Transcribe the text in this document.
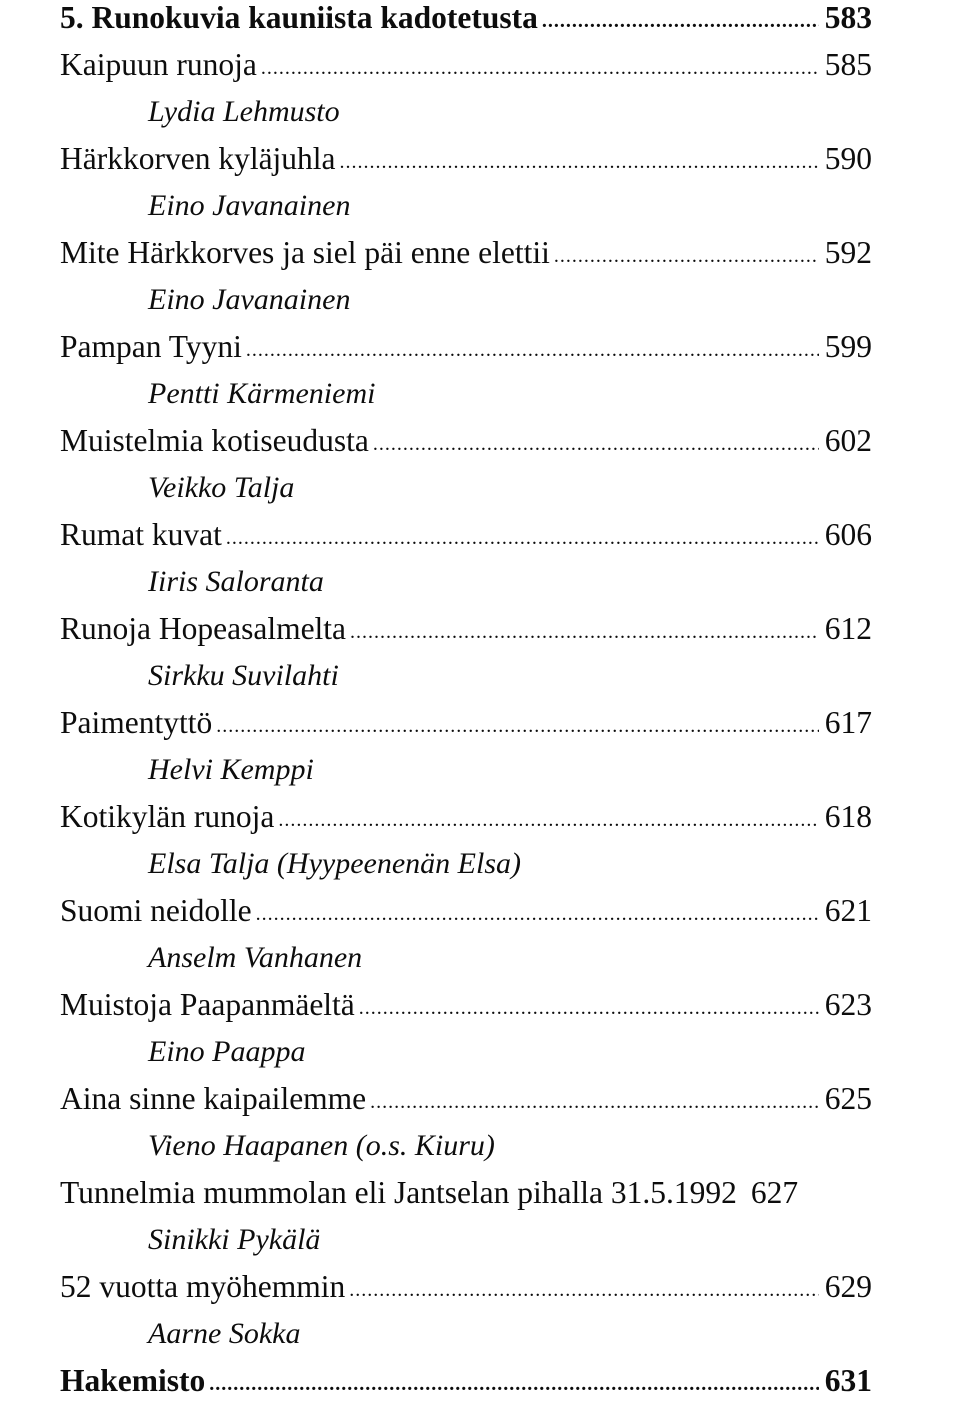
5. Runokuvia kauniista kadotetusta .....	583
Kaipuun runoja .....	585
Lydia Lehmusto
Härkkorven kyläjuhla .....	590
Eino Javanainen
Mite Härkkorves ja siel päi enne elettii .....	592
Eino Javanainen
Pampan Tyyni .....	599
Pentti Kärmeniemi
Muistelmia kotiseudusta .....	602
Veikko Talja
Rumat kuvat .....	606
Iiris Saloranta
Runoja Hopeasalmelta .....	612
Sirkku Suvilahti
Paimentyttö .....	617
Helvi Kemppi
Kotikylän runoja .....	618
Elsa Talja (Hyypeenenän Elsa)
Suomi neidolle .....	621
Anselm Vanhanen
Muistoja Paapanmäeltä .....	623
Eino Paappa
Aina sinne kaipailemme .....	625
Vieno Haapanen (o.s. Kiuru)
Tunnelmia mummolan eli Jantselan pihalla 31.5.1992 627
Sinikki Pykälä
52 vuotta myöhemmin .....	629
Aarne Sokka
Hakemisto .....	631
